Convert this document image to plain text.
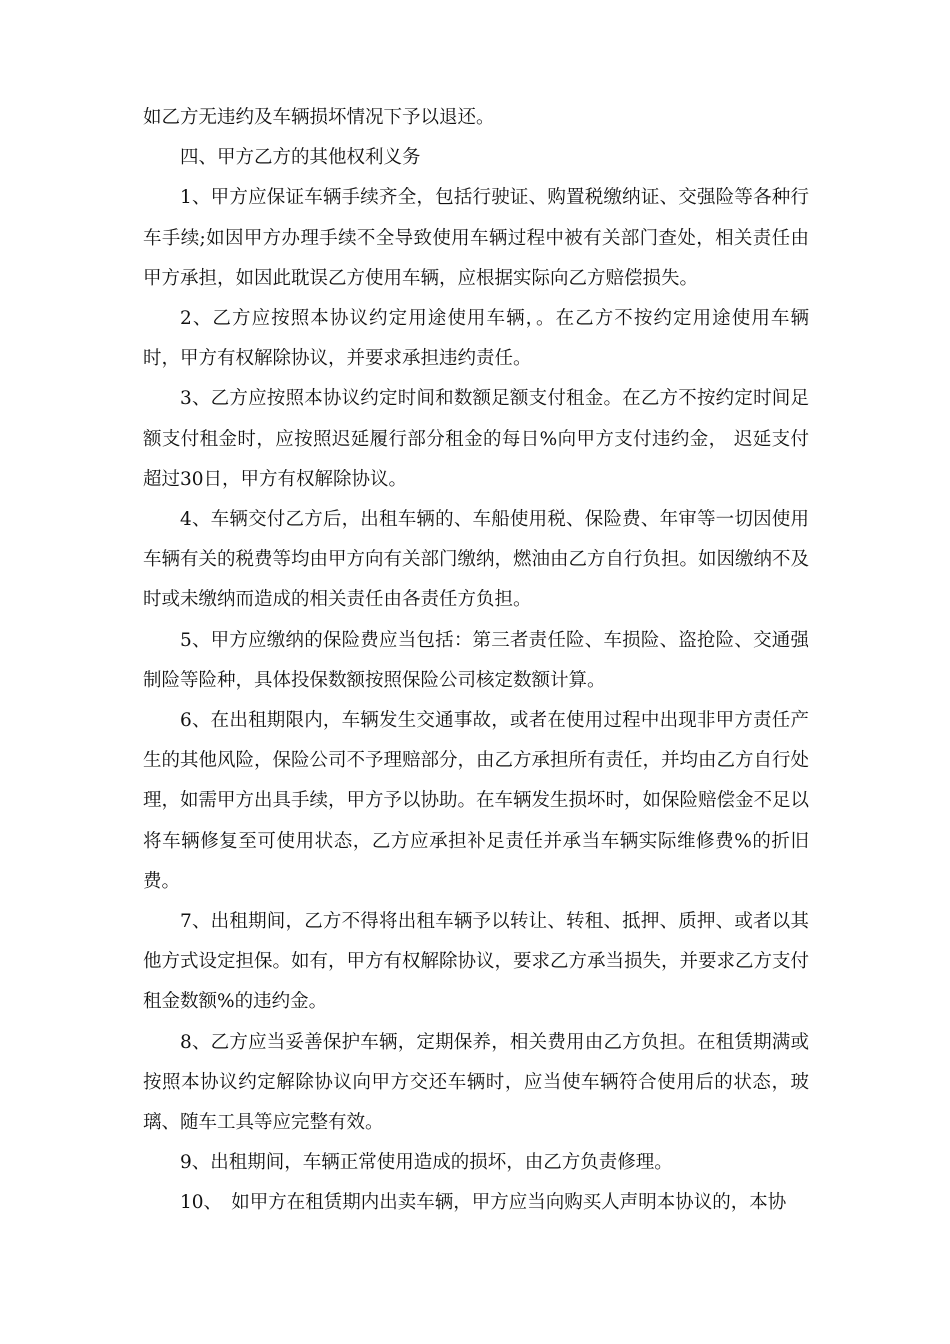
如乙方无违约及车辆损坏情况下予以退还。

四、甲方乙方的其他权利义务

1、甲方应保证车辆手续齐全，包括行驶证、购置税缴纳证、交强险等各种行车手续;如因甲方办理手续不全导致使用车辆过程中被有关部门查处，相关责任由甲方承担，如因此耽误乙方使用车辆，应根据实际向乙方赔偿损失。

2、乙方应按照本协议约定用途使用车辆，。在乙方不按约定用途使用车辆时，甲方有权解除协议，并要求承担违约责任。

3、乙方应按照本协议约定时间和数额足额支付租金。在乙方不按约定时间足额支付租金时，应按照迟延履行部分租金的每日%向甲方支付违约金， 迟延支付超过30日，甲方有权解除协议。

4、车辆交付乙方后，出租车辆的、车船使用税、保险费、年审等一切因使用车辆有关的税费等均由甲方向有关部门缴纳，燃油由乙方自行负担。如因缴纳不及时或未缴纳而造成的相关责任由各责任方负担。

5、甲方应缴纳的保险费应当包括：第三者责任险、车损险、盗抢险、交通强制险等险种，具体投保数额按照保险公司核定数额计算。

6、在出租期限内，车辆发生交通事故，或者在使用过程中出现非甲方责任产生的其他风险，保险公司不予理赔部分，由乙方承担所有责任，并均由乙方自行处理，如需甲方出具手续，甲方予以协助。在车辆发生损坏时，如保险赔偿金不足以将车辆修复至可使用状态，乙方应承担补足责任并承当车辆实际维修费%的折旧费。

7、出租期间，乙方不得将出租车辆予以转让、转租、抵押、质押、或者以其他方式设定担保。如有，甲方有权解除协议，要求乙方承当损失，并要求乙方支付租金数额%的违约金。

8、乙方应当妥善保护车辆，定期保养，相关费用由乙方负担。在租赁期满或按照本协议约定解除协议向甲方交还车辆时，应当使车辆符合使用后的状态，玻璃、随车工具等应完整有效。

9、出租期间，车辆正常使用造成的损坏，由乙方负责修理。

10、　如甲方在租赁期内出卖车辆，甲方应当向购买人声明本协议的，本协
